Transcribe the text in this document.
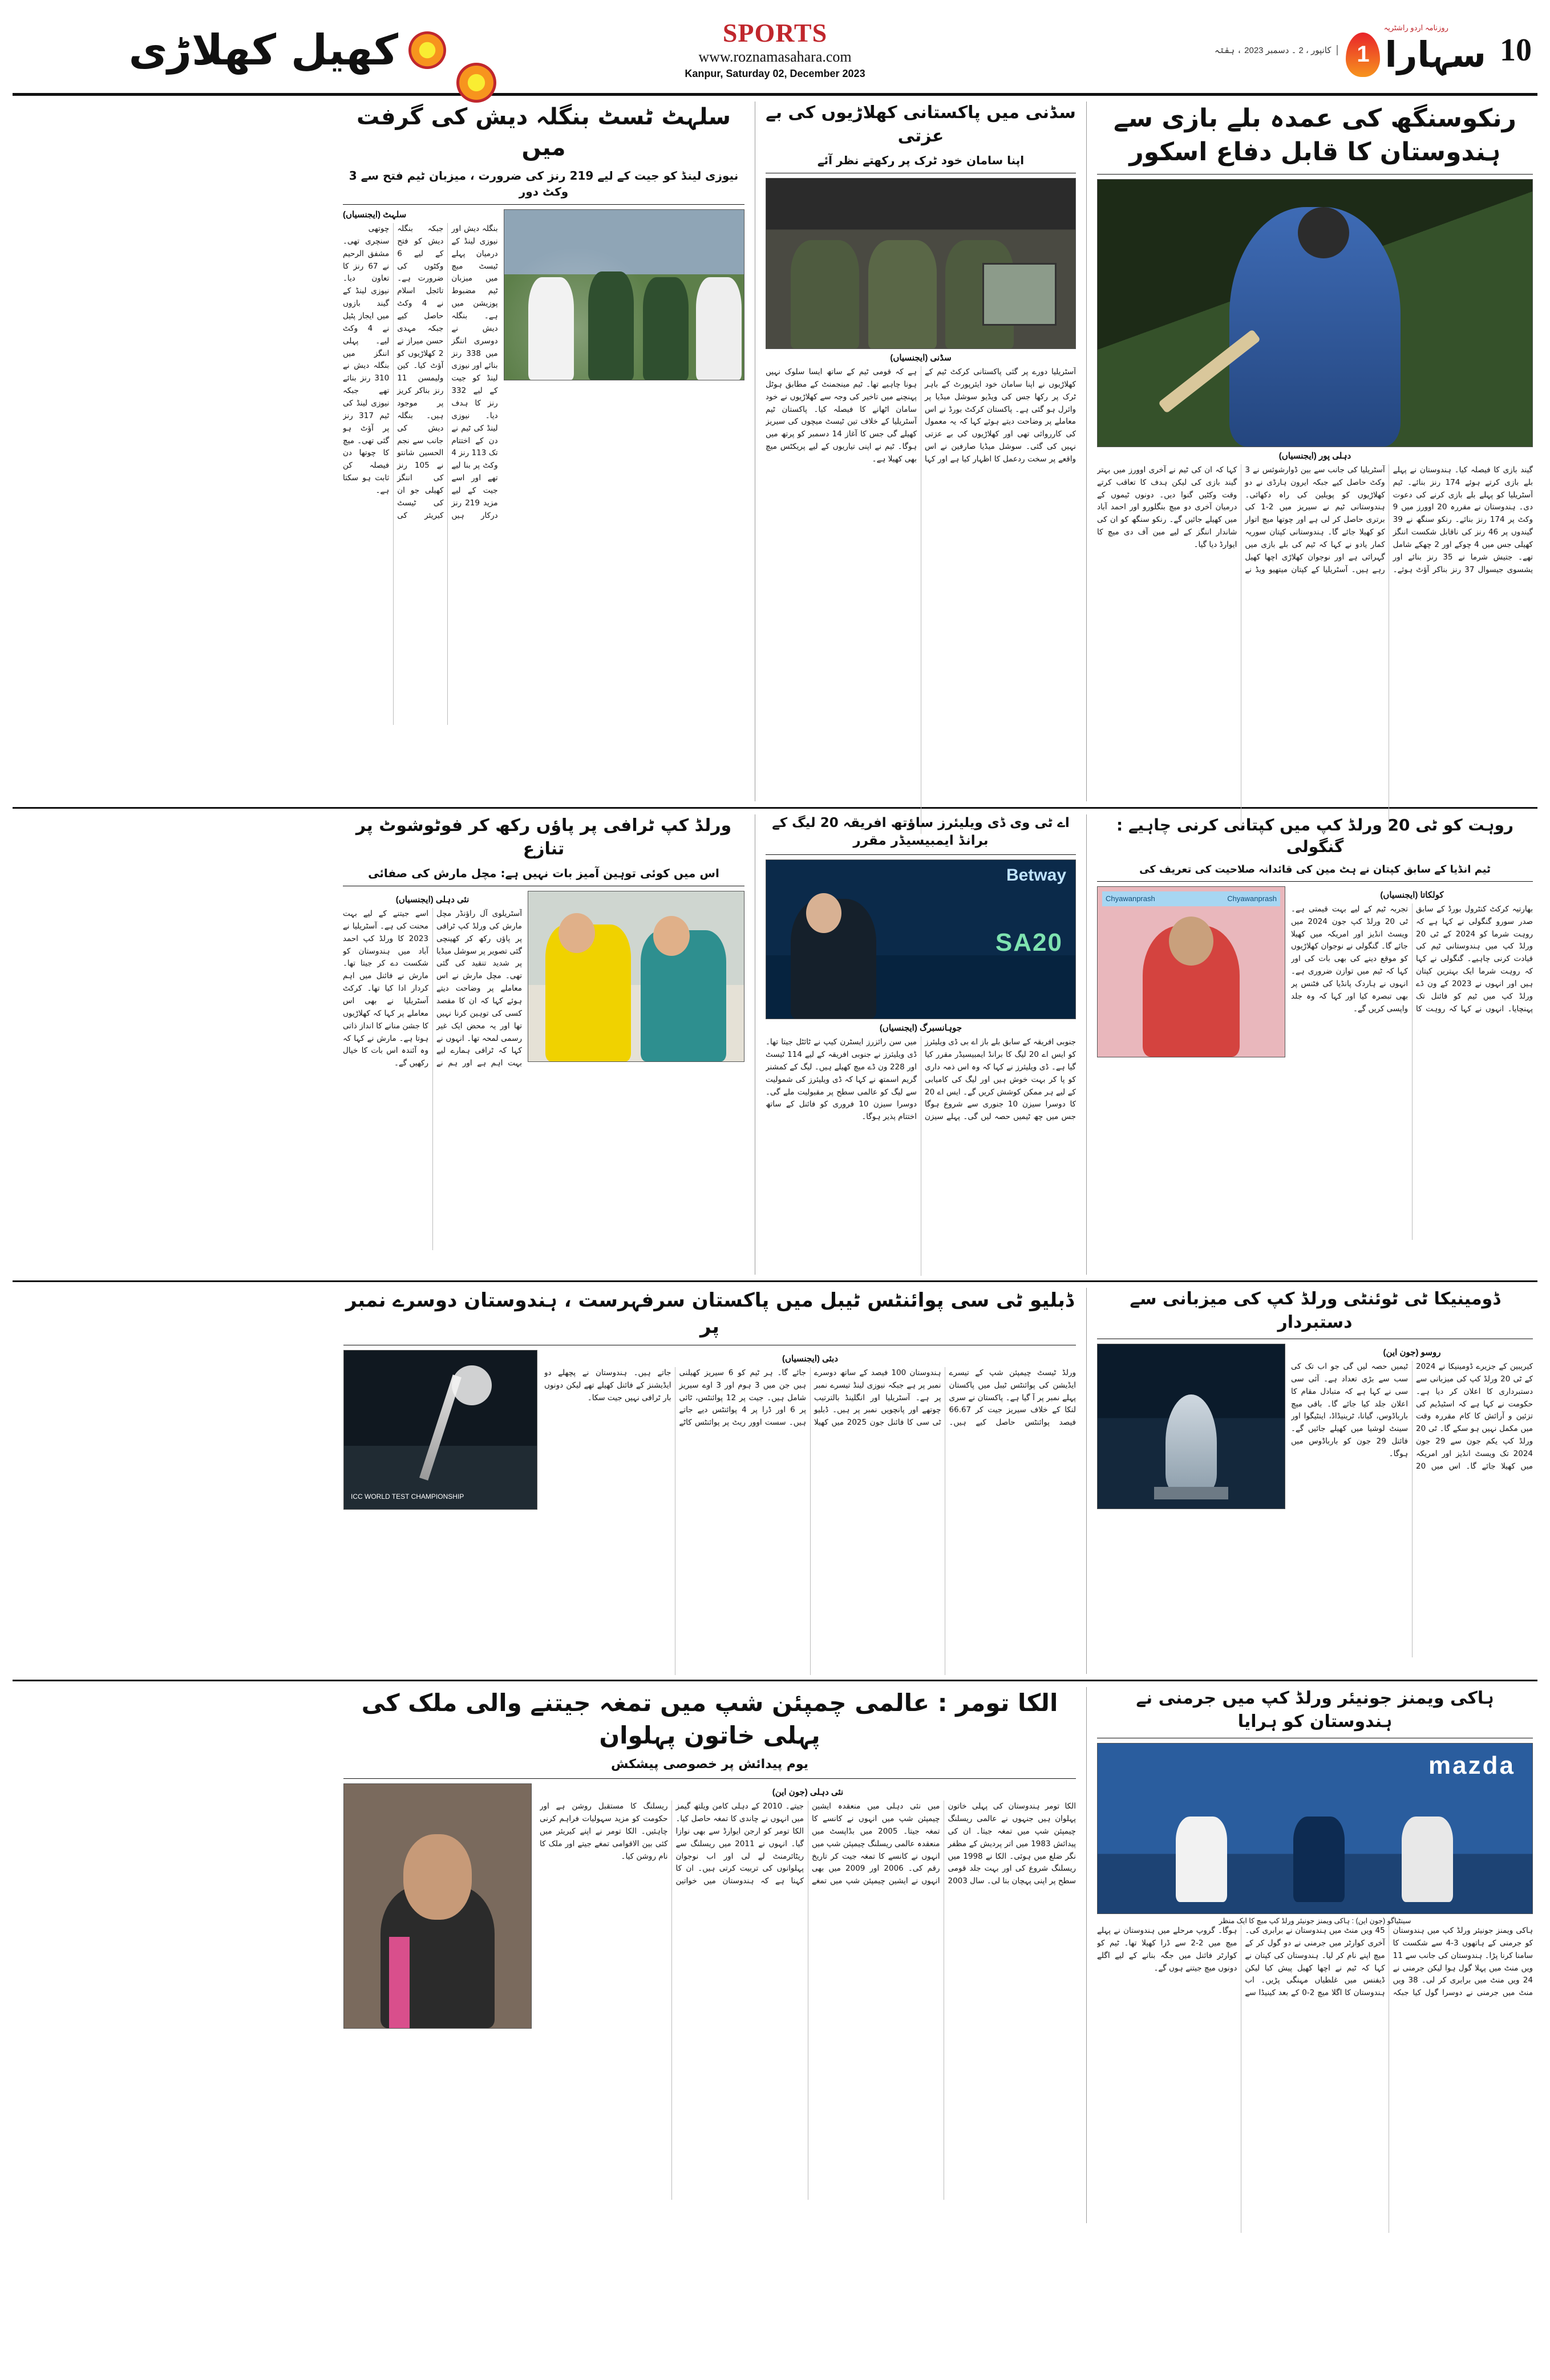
10
روزنامہ اردو راشٹریہ
سہارا
1
کانپور ، 2 ۔ دسمبر 2023 ، ہفتہ
SPORTS
www.roznamasahara.com
Kanpur, Saturday 02, December 2023
کھیل کھلاڑی
رنکوسنگھ کی عمدہ بلے بازی سے ہندوستان کا قابل دفاع اسکور
دہلی پور (ایجنسیاں)
گیند بازی کا فیصلہ کیا۔ ہندوستان نے پہلے بلے بازی کرتے ہوئے 174 رنز بنائے۔ ٹیم آسٹریلیا کو پہلے بلے بازی کرنے کی دعوت دی۔ ہندوستان نے مقررہ 20 اوورز میں 9 وکٹ پر 174 رنز بنائے۔ رنکو سنگھ نے 39 گیندوں پر 46 رنز کی ناقابل شکست اننگز کھیلی جس میں 4 چوکے اور 2 چھکے شامل تھے۔ جتیش شرما نے 35 رنز بنائے اور یشسوی جیسوال 37 رنز بناکر آؤٹ ہوئے۔ آسٹریلیا کی جانب سے بین ڈوارشوئس نے 3 وکٹ حاصل کیے جبکہ ایرون ہارڈی نے دو کھلاڑیوں کو پویلین کی راہ دکھائی۔ ہندوستانی ٹیم نے سیریز میں 2-1 کی برتری حاصل کر لی ہے اور چوتھا میچ اتوار کو کھیلا جائے گا۔ ہندوستانی کپتان سوریہ کمار یادو نے کہا کہ ٹیم کی بلے بازی میں گہرائی ہے اور نوجوان کھلاڑی اچھا کھیل رہے ہیں۔ آسٹریلیا کے کپتان میتھیو ویڈ نے کہا کہ ان کی ٹیم نے آخری اوورز میں بہتر گیند بازی کی لیکن ہدف کا تعاقب کرتے وقت وکٹیں گنوا دیں۔ دونوں ٹیموں کے درمیان آخری دو میچ بنگلورو اور احمد آباد میں کھیلے جائیں گے۔ رنکو سنگھ کو ان کی شاندار اننگز کے لیے مین آف دی میچ کا ایوارڈ دیا گیا۔
سڈنی میں پاکستانی کھلاڑیوں کی بے عزتی
اپنا سامان خود ٹرک پر رکھتے نظر آئے
سڈنی (ایجنسیاں)
آسٹریلیا دورے پر گئی پاکستانی کرکٹ ٹیم کے کھلاڑیوں نے اپنا سامان خود ایئرپورٹ کے باہر ٹرک پر رکھا جس کی ویڈیو سوشل میڈیا پر وائرل ہو گئی ہے۔ پاکستان کرکٹ بورڈ نے اس معاملے پر وضاحت دیتے ہوئے کہا کہ یہ معمول کی کارروائی تھی اور کھلاڑیوں کی بے عزتی نہیں کی گئی۔ سوشل میڈیا صارفین نے اس واقعے پر سخت ردعمل کا اظہار کیا ہے اور کہا ہے کہ قومی ٹیم کے ساتھ ایسا سلوک نہیں ہونا چاہیے تھا۔ ٹیم مینجمنٹ کے مطابق ہوٹل پہنچنے میں تاخیر کی وجہ سے کھلاڑیوں نے خود سامان اٹھانے کا فیصلہ کیا۔ پاکستان ٹیم آسٹریلیا کے خلاف تین ٹیسٹ میچوں کی سیریز کھیلے گی جس کا آغاز 14 دسمبر کو پرتھ میں ہوگا۔ ٹیم نے اپنی تیاریوں کے لیے پریکٹس میچ بھی کھیلا ہے۔
سلہٹ ٹسٹ بنگلہ دیش کی گرفت میں
نیوزی لینڈ کو جیت کے لیے 219 رنز کی ضرورت ، میزبان ٹیم فتح سے 3 وکٹ دور
سلہٹ (ایجنسیاں)
بنگلہ دیش اور نیوزی لینڈ کے درمیان پہلے ٹیسٹ میچ میں میزبان ٹیم مضبوط پوزیشن میں ہے۔ بنگلہ دیش نے دوسری اننگز میں 338 رنز بنائے اور نیوزی لینڈ کو جیت کے لیے 332 رنز کا ہدف دیا۔ نیوزی لینڈ کی ٹیم نے دن کے اختتام تک 113 رنز 4 وکٹ پر بنا لیے تھے اور اسے جیت کے لیے مزید 219 رنز درکار ہیں جبکہ بنگلہ دیش کو فتح کے لیے 6 وکٹوں کی ضرورت ہے۔ تائجل اسلام نے 4 وکٹ حاصل کیے جبکہ مہدی حسن میراز نے 2 کھلاڑیوں کو آؤٹ کیا۔ کین ولیمسن 11 رنز بناکر کریز پر موجود ہیں۔ بنگلہ دیش کی جانب سے نجم الحسین شانتو نے 105 رنز کی اننگز کھیلی جو ان کی ٹیسٹ کیریئر کی چوتھی سنچری تھی۔ مشفق الرحیم نے 67 رنز کا تعاون دیا۔ نیوزی لینڈ کے گیند بازوں میں ایجاز پٹیل نے 4 وکٹ لیے۔ پہلی اننگز میں بنگلہ دیش نے 310 رنز بنائے تھے جبکہ نیوزی لینڈ کی ٹیم 317 رنز پر آؤٹ ہو گئی تھی۔ میچ کا چوتھا دن فیصلہ کن ثابت ہو سکتا ہے۔
روہت کو ٹی 20 ورلڈ کپ میں کپتانی کرنی چاہیے : گنگولی
ٹیم انڈیا کے سابق کپتان نے ہٹ مین کی قائدانہ صلاحیت کی تعریف کی
کولکاتا (ایجنسیاں)
بھارتیہ کرکٹ کنٹرول بورڈ کے سابق صدر سورو گنگولی نے کہا ہے کہ روہت شرما کو 2024 کے ٹی 20 ورلڈ کپ میں ہندوستانی ٹیم کی قیادت کرنی چاہیے۔ گنگولی نے کہا کہ روہت شرما ایک بہترین کپتان ہیں اور انہوں نے 2023 کے ون ڈے ورلڈ کپ میں ٹیم کو فائنل تک پہنچایا۔ انہوں نے کہا کہ روہت کا تجربہ ٹیم کے لیے بہت قیمتی ہے۔ ٹی 20 ورلڈ کپ جون 2024 میں ویسٹ انڈیز اور امریکہ میں کھیلا جائے گا۔ گنگولی نے نوجوان کھلاڑیوں کو موقع دینے کی بھی بات کی اور کہا کہ ٹیم میں توازن ضروری ہے۔ انہوں نے ہاردک پانڈیا کی فٹنس پر بھی تبصرہ کیا اور کہا کہ وہ جلد واپسی کریں گے۔
Chyawanprash
Chyawanprash
اے ٹی وی ڈی ویلیئرز ساؤتھ افریقہ 20 لیگ کے برانڈ ایمبیسیڈر مقرر
Betway
SA20
جوہانسبرگ (ایجنسیاں)
جنوبی افریقہ کے سابق بلے باز اے بی ڈی ویلیئرز کو ایس اے 20 لیگ کا برانڈ ایمبیسیڈر مقرر کیا گیا ہے۔ ڈی ویلیئرز نے کہا کہ وہ اس ذمہ داری کو پا کر بہت خوش ہیں اور لیگ کی کامیابی کے لیے ہر ممکن کوشش کریں گے۔ ایس اے 20 کا دوسرا سیزن 10 جنوری سے شروع ہوگا جس میں چھ ٹیمیں حصہ لیں گی۔ پہلے سیزن میں سن رائزرز ایسٹرن کیپ نے ٹائٹل جیتا تھا۔ ڈی ویلیئرز نے جنوبی افریقہ کے لیے 114 ٹیسٹ اور 228 ون ڈے میچ کھیلے ہیں۔ لیگ کے کمشنر گریم اسمتھ نے کہا کہ ڈی ویلیئرز کی شمولیت سے لیگ کو عالمی سطح پر مقبولیت ملے گی۔ دوسرا سیزن 10 فروری کو فائنل کے ساتھ اختتام پذیر ہوگا۔
ورلڈ کپ ٹرافی پر پاؤں رکھ کر فوٹوشوٹ پر تنازع
اس میں کوئی توہین آمیز بات نہیں ہے: مچل مارش کی صفائی
نئی دہلی (ایجنسیاں)
آسٹریلوی آل راؤنڈر مچل مارش کی ورلڈ کپ ٹرافی پر پاؤں رکھ کر کھینچی گئی تصویر پر سوشل میڈیا پر شدید تنقید کی گئی تھی۔ مچل مارش نے اس معاملے پر وضاحت دیتے ہوئے کہا کہ ان کا مقصد کسی کی توہین کرنا نہیں تھا اور یہ محض ایک غیر رسمی لمحہ تھا۔ انہوں نے کہا کہ ٹرافی ہمارے لیے بہت اہم ہے اور ہم نے اسے جیتنے کے لیے بہت محنت کی ہے۔ آسٹریلیا نے 2023 کا ورلڈ کپ احمد آباد میں ہندوستان کو شکست دے کر جیتا تھا۔ مارش نے فائنل میں اہم کردار ادا کیا تھا۔ کرکٹ آسٹریلیا نے بھی اس معاملے پر کہا کہ کھلاڑیوں کا جشن منانے کا انداز ذاتی ہوتا ہے۔ مارش نے کہا کہ وہ آئندہ اس بات کا خیال رکھیں گے۔
ڈومینیکا ٹی ٹوئنٹی ورلڈ کپ کی میزبانی سے دستبردار
روسو (جون این)
کیریبین کے جزیرے ڈومینیکا نے 2024 کے ٹی 20 ورلڈ کپ کی میزبانی سے دستبرداری کا اعلان کر دیا ہے۔ حکومت نے کہا ہے کہ اسٹیڈیم کی تزئین و آرائش کا کام مقررہ وقت میں مکمل نہیں ہو سکے گا۔ ٹی 20 ورلڈ کپ یکم جون سے 29 جون 2024 تک ویسٹ انڈیز اور امریکہ میں کھیلا جائے گا۔ اس میں 20 ٹیمیں حصہ لیں گی جو اب تک کی سب سے بڑی تعداد ہے۔ آئی سی سی نے کہا ہے کہ متبادل مقام کا اعلان جلد کیا جائے گا۔ باقی میچ بارباڈوس، گیانا، ٹرینیڈاڈ، اینٹیگوا اور سینٹ لوشیا میں کھیلے جائیں گے۔ فائنل 29 جون کو بارباڈوس میں ہوگا۔
ڈبلیو ٹی سی پوائنٹس ٹیبل میں پاکستان سرفہرست ، ہندوستان دوسرے نمبر پر
دبئی (ایجنسیاں)
ورلڈ ٹیسٹ چیمپئن شپ کے تیسرے ایڈیشن کی پوائنٹس ٹیبل میں پاکستان پہلے نمبر پر آ گیا ہے۔ پاکستان نے سری لنکا کے خلاف سیریز جیت کر 66.67 فیصد پوائنٹس حاصل کیے ہیں۔ ہندوستان 100 فیصد کے ساتھ دوسرے نمبر پر ہے جبکہ نیوزی لینڈ تیسرے نمبر پر ہے۔ آسٹریلیا اور انگلینڈ بالترتیب چوتھے اور پانچویں نمبر پر ہیں۔ ڈبلیو ٹی سی کا فائنل جون 2025 میں کھیلا جائے گا۔ ہر ٹیم کو 6 سیریز کھیلنی ہیں جن میں 3 ہوم اور 3 اوے سیریز شامل ہیں۔ جیت پر 12 پوائنٹس، ٹائی پر 6 اور ڈرا پر 4 پوائنٹس دیے جاتے ہیں۔ سست اوور ریٹ پر پوائنٹس کاٹے جاتے ہیں۔ ہندوستان نے پچھلے دو ایڈیشنز کے فائنل کھیلے تھے لیکن دونوں بار ٹرافی نہیں جیت سکا۔
ICC WORLD TEST CHAMPIONSHIP
ہاکی ویمنز جونیئر ورلڈ کپ میں جرمنی نے ہندوستان کو ہرایا
mazda
سینٹیاگو (جون این) : ہاکی ویمنز جونیئر ورلڈ کپ میچ کا ایک منظر
ہاکی ویمنز جونیئر ورلڈ کپ میں ہندوستان کو جرمنی کے ہاتھوں 3-4 سے شکست کا سامنا کرنا پڑا۔ ہندوستان کی جانب سے 11 ویں منٹ میں پہلا گول ہوا لیکن جرمنی نے 24 ویں منٹ میں برابری کر لی۔ 38 ویں منٹ میں جرمنی نے دوسرا گول کیا جبکہ 45 ویں منٹ میں ہندوستان نے برابری کی۔ آخری کوارٹر میں جرمنی نے دو گول کر کے میچ اپنے نام کر لیا۔ ہندوستان کی کپتان نے کہا کہ ٹیم نے اچھا کھیل پیش کیا لیکن ڈیفنس میں غلطیاں مہنگی پڑیں۔ اب ہندوستان کا اگلا میچ 2-0 کے بعد کینیڈا سے ہوگا۔ گروپ مرحلے میں ہندوستان نے پہلے میچ میں 2-2 سے ڈرا کھیلا تھا۔ ٹیم کو کوارٹر فائنل میں جگہ بنانے کے لیے اگلے دونوں میچ جیتنے ہوں گے۔
الکا تومر : عالمی چمپئن شپ میں تمغہ جیتنے والی ملک کی پہلی خاتون پہلوان
یوم پیدائش پر خصوصی پیشکش
نئی دہلی (جون این)
الکا تومر ہندوستان کی پہلی خاتون پہلوان ہیں جنہوں نے عالمی ریسلنگ چیمپئن شپ میں تمغہ جیتا۔ ان کی پیدائش 1983 میں اتر پردیش کے مظفر نگر ضلع میں ہوئی۔ الکا نے 1998 میں ریسلنگ شروع کی اور بہت جلد قومی سطح پر اپنی پہچان بنا لی۔ سال 2003 میں نئی دہلی میں منعقدہ ایشین چیمپئن شپ میں انہوں نے کانسے کا تمغہ جیتا۔ 2005 میں بڈاپسٹ میں منعقدہ عالمی ریسلنگ چیمپئن شپ میں انہوں نے کانسے کا تمغہ جیت کر تاریخ رقم کی۔ 2006 اور 2009 میں بھی انہوں نے ایشین چیمپئن شپ میں تمغے جیتے۔ 2010 کے دہلی کامن ویلتھ گیمز میں انہوں نے چاندی کا تمغہ حاصل کیا۔ الکا تومر کو ارجن ایوارڈ سے بھی نوازا گیا۔ انہوں نے 2011 میں ریسلنگ سے ریٹائرمنٹ لے لی اور اب نوجوان پہلوانوں کی تربیت کرتی ہیں۔ ان کا کہنا ہے کہ ہندوستان میں خواتین ریسلنگ کا مستقبل روشن ہے اور حکومت کو مزید سہولیات فراہم کرنی چاہئیں۔ الکا تومر نے اپنے کیریئر میں کئی بین الاقوامی تمغے جیتے اور ملک کا نام روشن کیا۔
